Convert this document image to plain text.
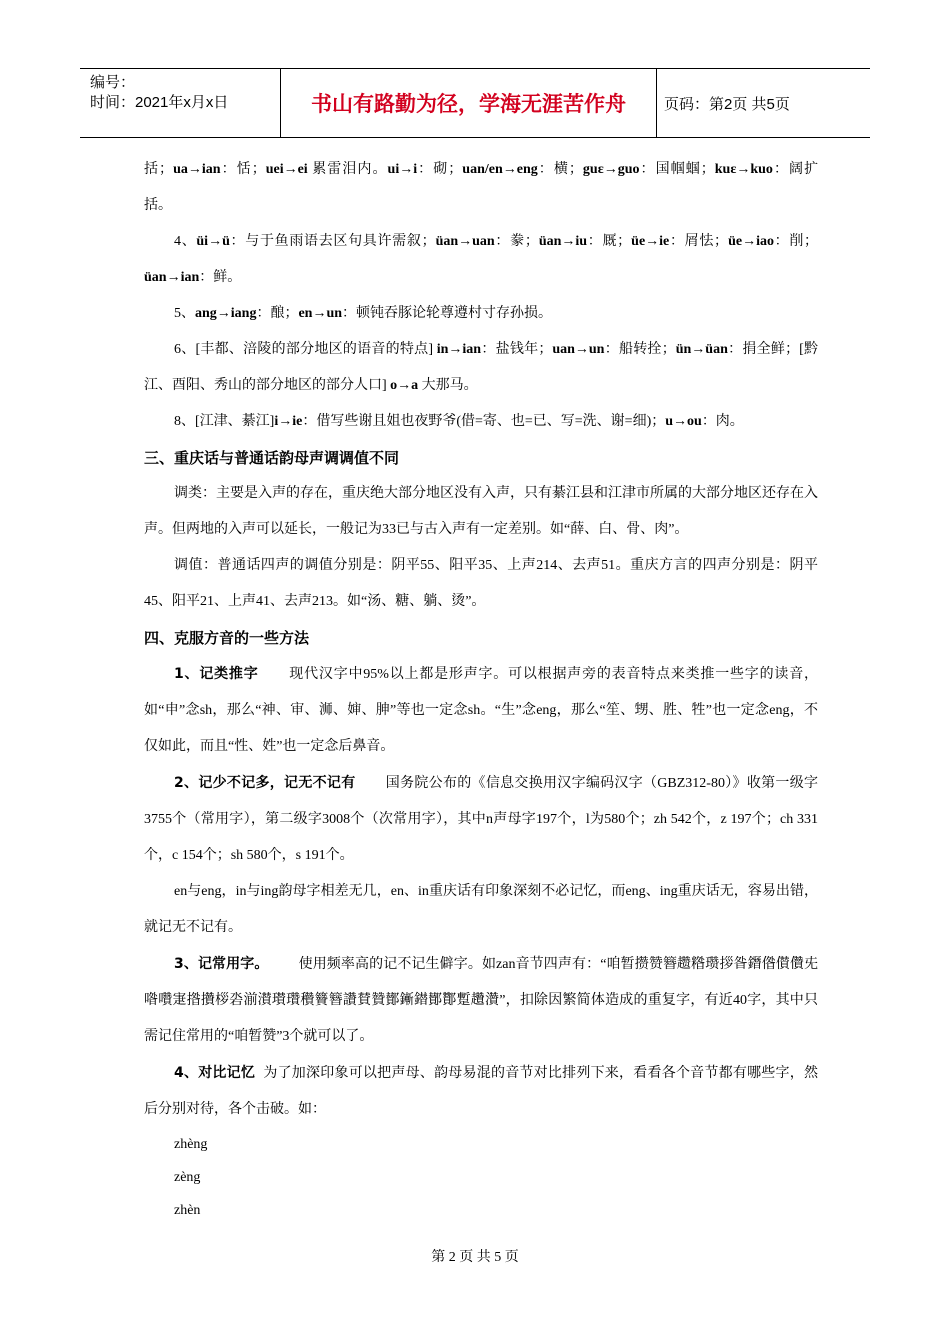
编号：
时间：2021年x月x日	书山有路勤为径，学海无涯苦作舟	页码：第2页 共5页

括；ua→ian：恬；uei→ei 累雷泪内。ui→i：砌；uan/en→eng：横；guɛ→guo：国帼蝈；kuɛ→kuo：阔扩括。

4、üi→ü：与于鱼雨语去区句具许需叙；üan→uan：豢；üan→iu：厩；üe→ie：屑怯；üe→iao：削；üan→ian：鲜。

5、ang→iang：酿；en→un：顿钝吞豚论轮尊遵村寸存孙损。

6、[丰都、涪陵的部分地区的语音的特点] in→ian：盐钱年；uan→un：船转拴；ün→üan：捐全鲜；[黔江、酉阳、秀山的部分地区的部分人口] o→a 大那马。

8、[江津、綦江]i→ie：借写些谢且姐也夜野爷(借=寄、也=已、写=洗、谢=细)；u→ou：肉。

三、重庆话与普通话韵母声调调值不同

调类：主要是入声的存在，重庆绝大部分地区没有入声，只有綦江县和江津市所属的大部分地区还存在入声。但两地的入声可以延长，一般记为33已与古入声有一定差别。如“薛、白、骨、肉”。

调值：普通话四声的调值分别是：阴平55、阳平35、上声214、去声51。重庆方言的四声分别是：阴平45、阳平21、上声41、去声213。如“汤、糖、躺、烫”。

四、克服方音的一些方法

1、记类推字 现代汉字中95%以上都是形声字。可以根据声旁的表音特点来类推一些字的读音，如“申”念sh，那么“神、审、浉、婶、胂”等也一定念sh。“生”念eng，那么“笙、甥、胜、牲”也一定念eng，不仅如此，而且“性、姓”也一定念后鼻音。

2、记少不记多，记无不记有 国务院公布的《信息交换用汉字编码汉字（GBZ312-80）》收第一级字3755个（常用字），第二级字3008个（次常用字），其中n声母字197个，l为580个；zh 542个，z 197个；ch 331个，c 154个；sh 580个，s 191个。

en与eng，in与ing韵母字相差无几，en、in重庆话有印象深刻不必记忆，而eng、ing重庆话无，容易出错，就记无不记有。

3、记常用字。 使用频率高的记不记生僻字。如zan音节四声有：“咱暂攒赞簪趱糌瓒拶昝鐕偺儧儹兂喒囋寁揝攢桚沯湔濽瓉瓚穳籫簪讚賛贊鄼鏩鐟鄼酇蹔趲灒”，扣除因繁简体造成的重复字，有近40字，其中只需记住常用的“咱暂赞”3个就可以了。

4、对比记忆 为了加深印象可以把声母、韵母易混的音节对比排列下来，看看各个音节都有哪些字，然后分别对待，各个击破。如：

zhèng

zèng

zhèn

第 2 页 共 5 页
